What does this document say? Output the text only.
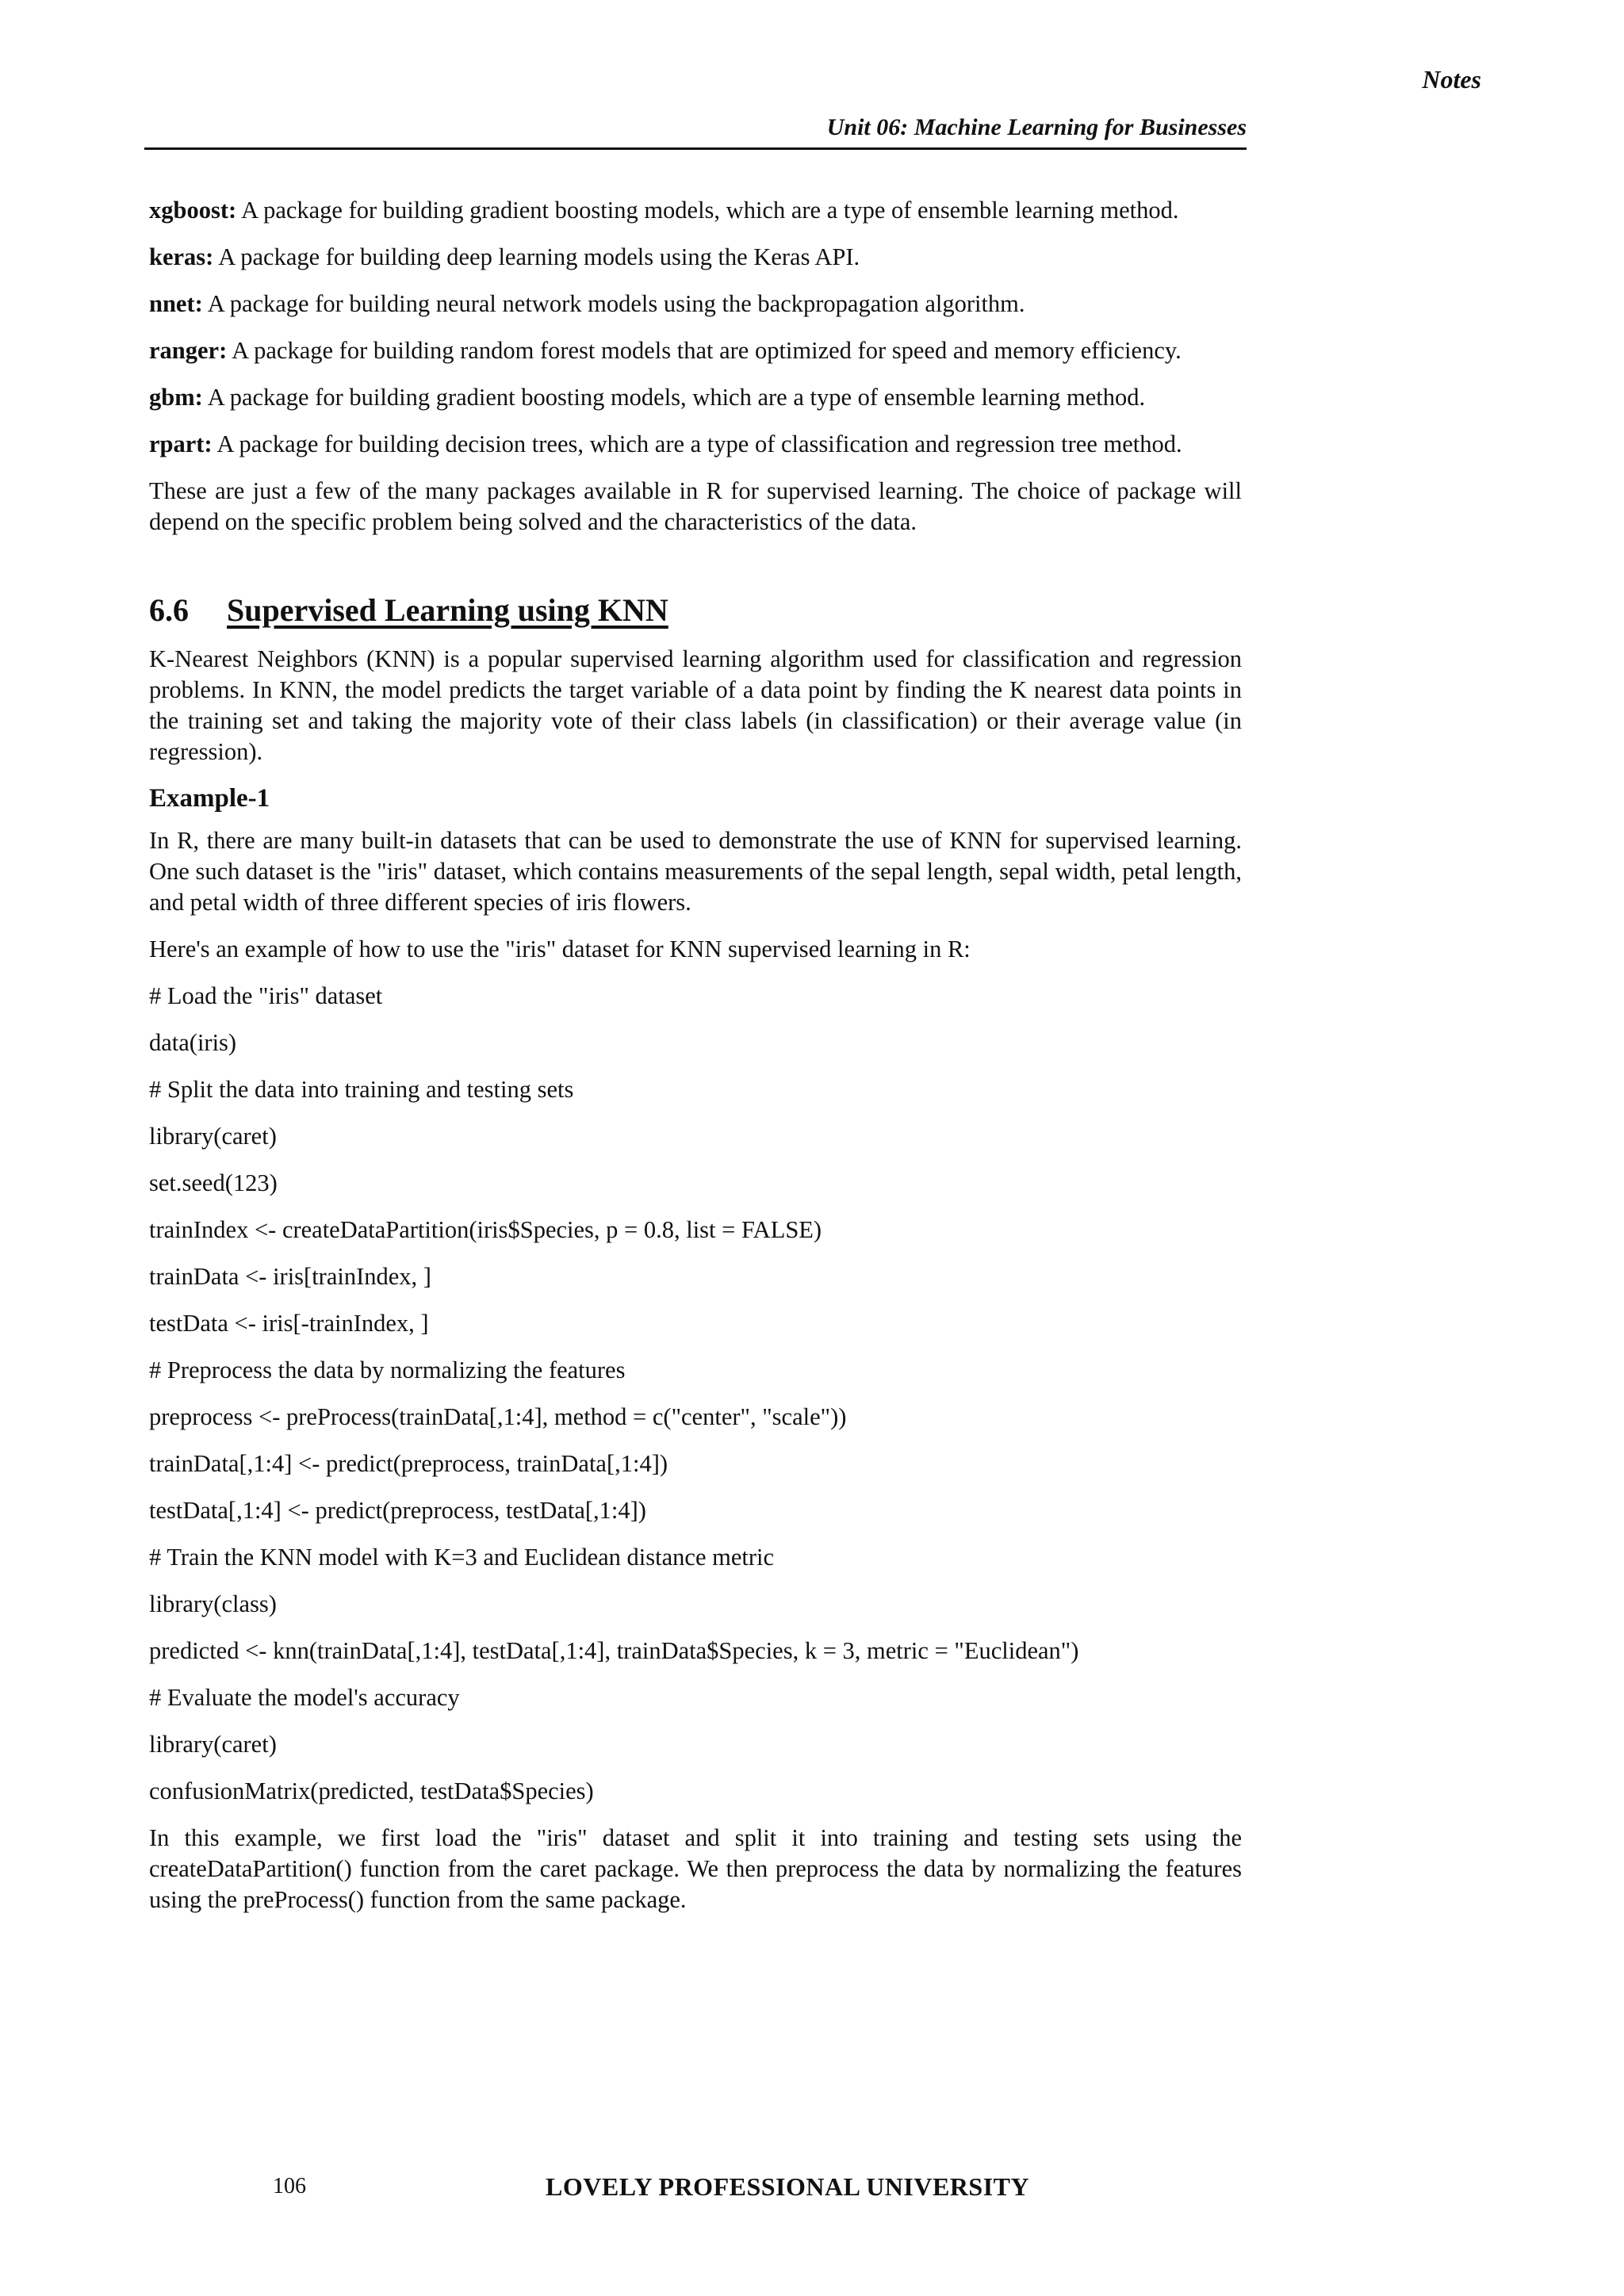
Notes
Unit 06: Machine Learning for Businesses

xgboost: A package for building gradient boosting models, which are a type of ensemble learning method.

keras: A package for building deep learning models using the Keras API.

nnet: A package for building neural network models using the backpropagation algorithm.

ranger: A package for building random forest models that are optimized for speed and memory efficiency.

gbm: A package for building gradient boosting models, which are a type of ensemble learning method.

rpart: A package for building decision trees, which are a type of classification and regression tree method.

These are just a few of the many packages available in R for supervised learning. The choice of package will depend on the specific problem being solved and the characteristics of the data.

6.6 Supervised Learning using KNN

K-Nearest Neighbors (KNN) is a popular supervised learning algorithm used for classification and regression problems. In KNN, the model predicts the target variable of a data point by finding the K nearest data points in the training set and taking the majority vote of their class labels (in classification) or their average value (in regression).

Example-1

In R, there are many built-in datasets that can be used to demonstrate the use of KNN for supervised learning. One such dataset is the "iris" dataset, which contains measurements of the sepal length, sepal width, petal length, and petal width of three different species of iris flowers.

Here's an example of how to use the "iris" dataset for KNN supervised learning in R:

# Load the "iris" dataset

data(iris)

# Split the data into training and testing sets

library(caret)

set.seed(123)

trainIndex <- createDataPartition(iris$Species, p = 0.8, list = FALSE)

trainData <- iris[trainIndex, ]

testData <- iris[-trainIndex, ]

# Preprocess the data by normalizing the features

preprocess <- preProcess(trainData[,1:4], method = c("center", "scale"))

trainData[,1:4] <- predict(preprocess, trainData[,1:4])

testData[,1:4] <- predict(preprocess, testData[,1:4])

# Train the KNN model with K=3 and Euclidean distance metric

library(class)

predicted <- knn(trainData[,1:4], testData[,1:4], trainData$Species, k = 3, metric = "Euclidean")

# Evaluate the model's accuracy

library(caret)

confusionMatrix(predicted, testData$Species)

In this example, we first load the "iris" dataset and split it into training and testing sets using the createDataPartition() function from the caret package. We then preprocess the data by normalizing the features using the preProcess() function from the same package.

106	LOVELY PROFESSIONAL UNIVERSITY
